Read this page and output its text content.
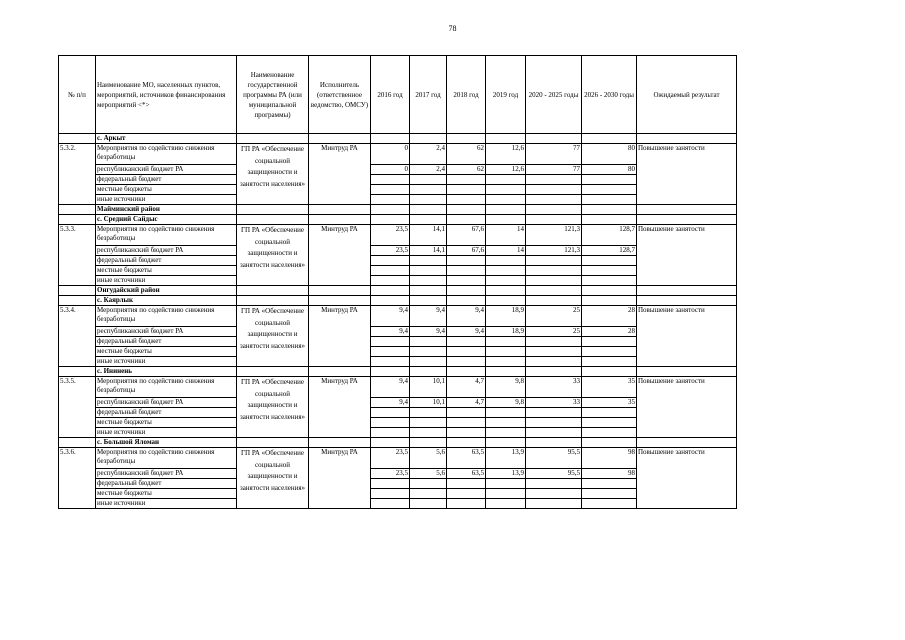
78
№ п/п	Наименование МО, населенных пунктов, мероприятий, источников финансирования мероприятий <*>	Наименование государственной программы РА (или муниципальной программы)	Исполнитель (ответственное ведомство, ОМСУ)	2016 год	2017 год	2018 год	2019 год	2020 - 2025 годы	2026 - 2030 годы	Ожидаемый результат
	с. Аркыт									
5.3.2.	Мероприятия по содействию снижения безработицы	ГП РА «Обеспечение социальной защищенности и занятости населения»	Минтруд РА	0	2,4	62	12,6	77	80	Повышение занятости
	республиканский бюджет РА			0	2,4	62	12,6	77	80	
	федеральный бюджет									
	местные бюджеты									
	иные источники									
	Майминский район									
	с. Средний Сайдыс									
5.3.3.	Мероприятия по содействию снижения безработицы	ГП РА «Обеспечение социальной защищенности и занятости населения»	Минтруд РА	23,5	14,1	67,6	14	121,3	128,7	Повышение занятости
	республиканский бюджет РА			23,5	14,1	67,6	14	121,3	128,7	
	федеральный бюджет									
	местные бюджеты									
	иные источники									
	Онгудайский район									
	с. Каярлык									
5.3.4.	Мероприятия по содействию снижения безработицы	ГП РА «Обеспечение социальной защищенности и занятости населения»	Минтруд РА	9,4	9,4	9,4	18,9	25	28	Повышение занятости
	республиканский бюджет РА			9,4	9,4	9,4	18,9	25	28	
	федеральный бюджет									
	местные бюджеты									
	иные источники									
	с. Ининень									
5.3.5.	Мероприятия по содействию снижения безработицы	ГП РА «Обеспечение социальной защищенности и занятости населения»	Минтруд РА	9,4	10,1	4,7	9,8	33	35	Повышение занятости
	республиканский бюджет РА			9,4	10,1	4,7	9,8	33	35	
	федеральный бюджет									
	местные бюджеты									
	иные источники									
	с. Большой Яломан									
5.3.6.	Мероприятия по содействию снижения безработицы	ГП РА «Обеспечение социальной защищенности и занятости населения»	Минтруд РА	23,5	5,6	63,5	13,9	95,5	98	Повышение занятости
	республиканский бюджет РА			23,5	5,6	63,5	13,9	95,5	98	
	федеральный бюджет									
	местные бюджеты									
	иные источники									
